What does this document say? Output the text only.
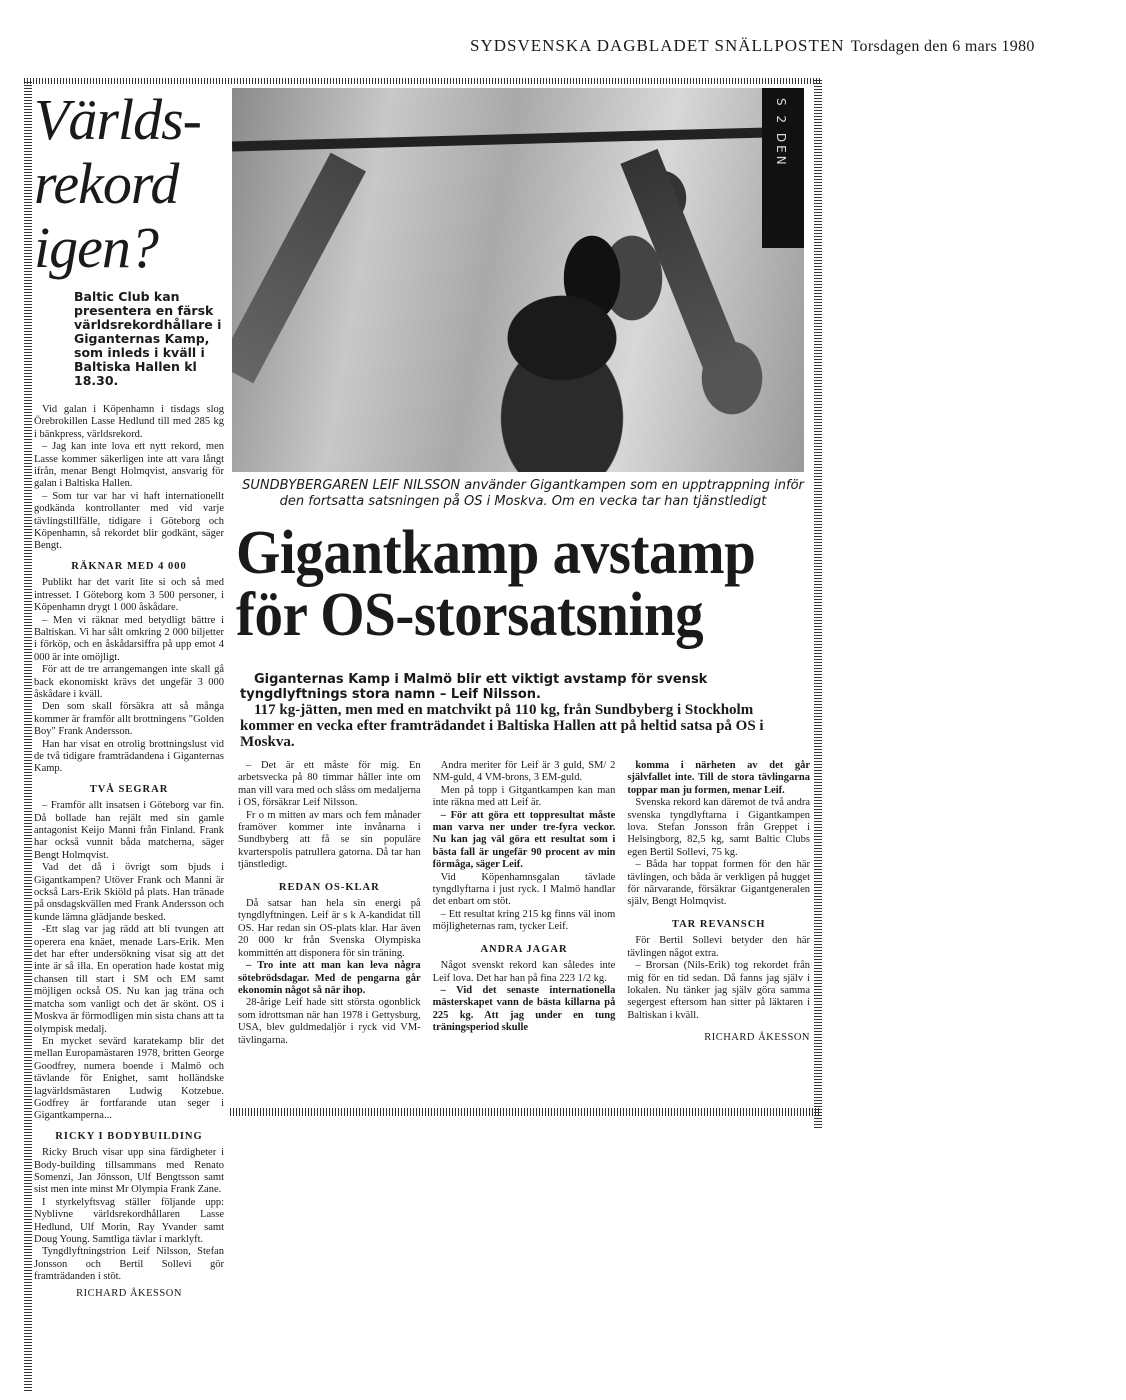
SYDSVENSKA DAGBLADET SNÄLLPOSTEN Torsdagen den 6 mars 1980
Världs-
rekord
igen?
Baltic Club kan presentera en färsk världsrekordhållare i Giganternas Kamp, som inleds i kväll i Baltiska Hallen kl 18.30.

Vid galan i Köpenhamn i tisdags slog Örebrokillen Lasse Hedlund till med 285 kg i bänkpress, världsrekord.

– Jag kan inte lova ett nytt rekord, men Lasse kommer säkerligen inte att vara långt ifrån, menar Bengt Holmqvist, ansvarig för galan i Baltiska Hallen.

– Som tur var har vi haft internationellt godkända kontrollanter med vid varje tävlingstillfälle, tidigare i Göteborg och Köpenhamn, så rekordet blir godkänt, säger Bengt.

RÄKNAR MED 4 000

Publikt har det varit lite si och så med intresset. I Göteborg kom 3 500 personer, i Köpenhamn drygt 1 000 åskådare.

– Men vi räknar med betydligt bättre i Baltiskan. Vi har sålt omkring 2 000 biljetter i förköp, och en åskådarsiffra på upp emot 4 000 är inte omöjligt.

För att de tre arrangemangen inte skall gå back ekonomiskt krävs det ungefär 3 000 åskådare i kväll.

Den som skall försäkra att så många kommer är framför allt brottningens "Golden Boy" Frank Andersson.

Han har visat en otrolig brottningslust vid de två tidigare framträdandena i Giganternas Kamp.

TVÅ SEGRAR

– Framför allt insatsen i Göteborg var fin. Då bollade han rejält med sin gamle antagonist Keijo Manni från Finland. Frank har också vunnit båda matcherna, säger Bengt Holmqvist.

Vad det då i övrigt som bjuds i Gigantkampen? Utöver Frank och Manni är också Lars-Erik Skiöld på plats. Han tränade på onsdagskvällen med Frank Andersson och kunde lämna glädjande besked.

-Ett slag var jag rädd att bli tvungen att operera ena knäet, menade Lars-Erik. Men det har efter undersökning visat sig att det inte är så illa. En operation hade kostat mig chansen till start i SM och EM samt möjligen också OS. Nu kan jag träna och matcha som vanligt och det är skönt. OS i Moskva är förmodligen min sista chans att ta olympisk medalj.

En mycket sevärd karatekamp blir det mellan Europamästaren 1978, britten George Goodfrey, numera boende i Malmö och tävlande för Enighet, samt holländske lagvärldsmästaren Ludwig Kotzebue. Godfrey är fortfarande utan seger i Gigantkamperna...

RICKY I BODYBUILDING

Ricky Bruch visar upp sina färdigheter i Body-building tillsammans med Renato Somenzi, Jan Jönsson, Ulf Bengtsson samt sist men inte minst Mr Olympia Frank Zane.

I styrkelyftsvag ställer följande upp: Nyblivne världsrekordhållaren Lasse Hedlund, Ulf Morin, Ray Yvander samt Doug Young. Samtliga tävlar i marklyft.

Tyngdlyftningstrion Leif Nilsson, Stefan Jonsson och Bertil Sollevi gör framträdanden i stöt.

RICHARD ÅKESSON
S 2 DEN
SUNDBYBERGAREN LEIF NILSSON använder Gigantkampen som en upptrappning inför den fortsatta satsningen på OS i Moskva. Om en vecka tar han tjänstledigt
Gigantkamp avstamp
för OS-storsatsning

Giganternas Kamp i Malmö blir ett viktigt avstamp för svensk tyngdlyftnings stora namn – Leif Nilsson.

117 kg-jätten, men med en matchvikt på 110 kg, från Sundbyberg i Stockholm kommer en vecka efter framträdandet i Baltiska Hallen att på heltid satsa på OS i Moskva.

– Det är ett måste för mig. En arbetsvecka på 80 timmar håller inte om man vill vara med och slåss om medaljerna i OS, försäkrar Leif Nilsson.

Fr o m mitten av mars och fem månader framöver kommer inte invånarna i Sundbyberg att få se sin populäre kvarterspolis patrullera gatorna. Då tar han tjänstledigt.

REDAN OS-KLAR

Då satsar han hela sin energi på tyngdlyftningen. Leif är s k A-kandidat till OS. Har redan sin OS-plats klar. Har även 20 000 kr från Svenska Olympiska kommittén att disponera för sin träning.

– Tro inte att man kan leva några sötebrödsdagar. Med de pengarna går ekonomin något så när ihop.

28-årige Leif hade sitt största ogonblick som idrottsman när han 1978 i Gettysburg, USA, blev guldmedaljör i ryck vid VM-tävlingarna.

Andra meriter för Leif är 3 guld, SM/ 2 NM-guld, 4 VM-brons, 3 EM-guld.

Men på topp i Gitgantkampen kan man inte räkna med att Leif är.

– För att göra ett toppresultat måste man varva ner under tre-fyra veckor. Nu kan jag väl göra ett resultat som i bästa fall är ungefär 90 procent av min förmåga, säger Leif.

Vid Köpenhamnsgalan tävlade tyngdlyftarna i just ryck. I Malmö handlar det enbart om stöt.

– Ett resultat kring 215 kg finns väl inom möjligheternas ram, tycker Leif.

ANDRA JAGAR

Något svenskt rekord kan således inte Leif lova. Det har han på fina 223 1/2 kg.

– Vid det senaste internationella mästerskapet vann de bästa killarna på 225 kg. Att jag under en tung träningsperiod skulle

komma i närheten av det går självfallet inte. Till de stora tävlingarna toppar man ju formen, menar Leif.

Svenska rekord kan däremot de två andra svenska tyngdlyftarna i Gigantkampen lova. Stefan Jonsson från Greppet i Helsingborg, 82,5 kg, samt Baltic Clubs egen Bertil Sollevi, 75 kg.

– Båda har toppat formen för den här tävlingen, och båda är verkligen på hugget för närvarande, försäkrar Gigantgeneralen själv, Bengt Holmqvist.

TAR REVANSCH

För Bertil Sollevi betyder den här tävlingen något extra.

– Brorsan (Nils-Erik) tog rekordet från mig för en tid sedan. Då fanns jag själv i lokalen. Nu tänker jag själv göra samma segergest eftersom han sitter på läktaren i Baltiskan i kväll.

RICHARD ÅKESSON
